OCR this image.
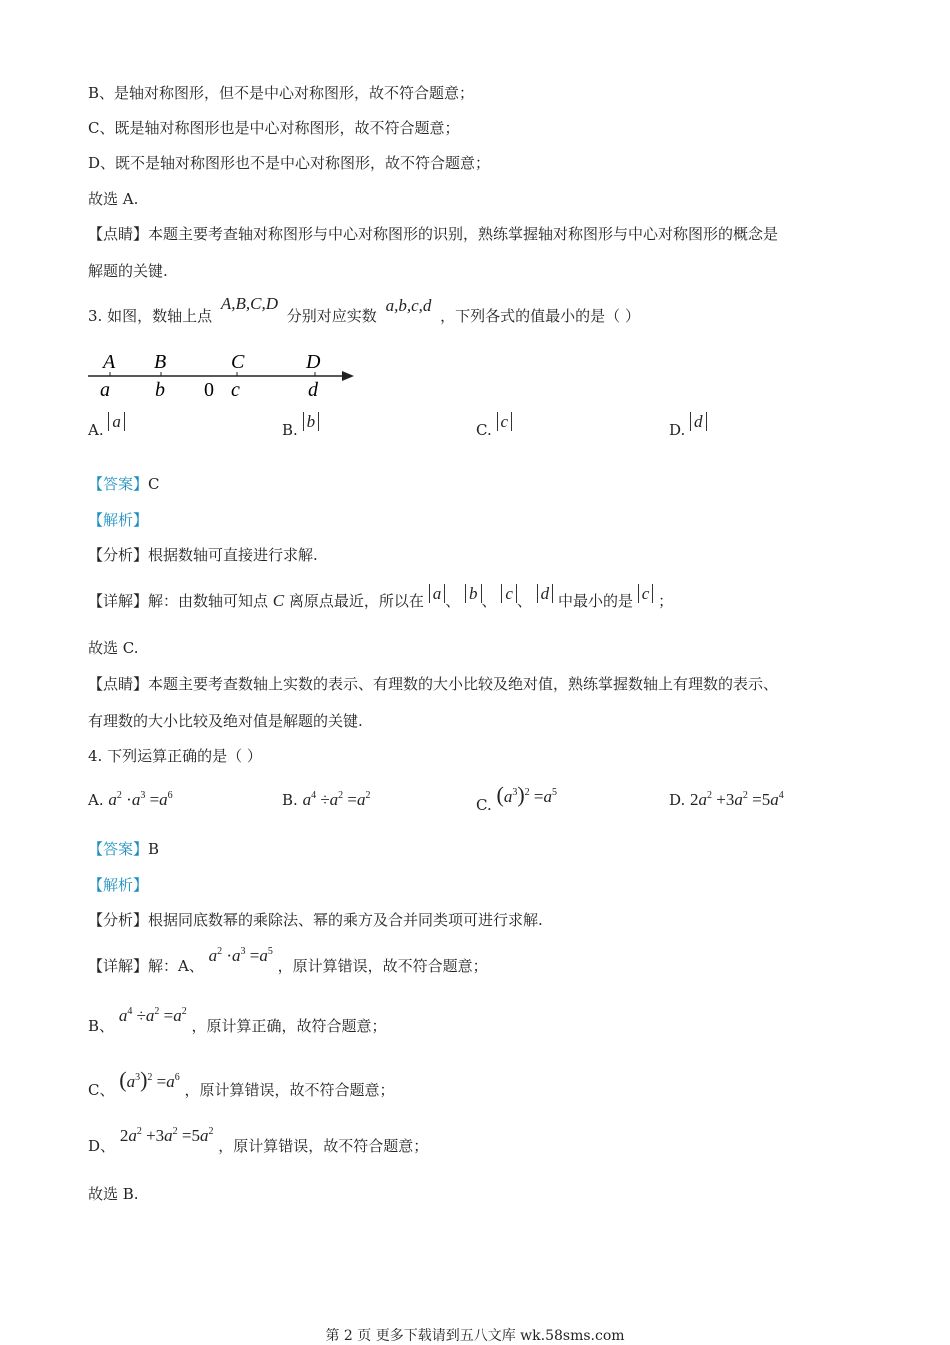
B、是轴对称图形，但不是中心对称图形，故不符合题意；
C、既是轴对称图形也是中心对称图形，故不符合题意；
D、既不是轴对称图形也不是中心对称图形，故不符合题意；
故选 A.
【点睛】本题主要考查轴对称图形与中心对称图形的识别，熟练掌握轴对称图形与中心对称图形的概念是
解题的关键.
3. 如图，数轴上点 A,B,C,D 分别对应实数 a,b,c,d ，下列各式的值最小的是（ ）
A B	C	D
a b 0 c	d
A. a	B. b	C. c	D. d
【答案】C
【解析】
【分析】根据数轴可直接进行求解.
【详解】解：由数轴可知点 C 离原点最近，所以在 a 、 b 、 c 、 d 中最小的是 c ；
故选 C.
【点睛】本题主要考查数轴上实数的表示、有理数的大小比较及绝对值，熟练掌握数轴上有理数的表示、
有理数的大小比较及绝对值是解题的关键.
4. 下列运算正确的是（ ）
A. $a^2 \cdot a^3 =a^6$	B. $a^4 \div a^2 =a^2$
C. $(a^3)^2 =a^5$	D. $2a^2 +3a^2 =5a^4$
【答案】B
【解析】
【分析】根据同底数幂的乘除法、幂的乘方及合并同类项可进行求解.
【详解】解：A、 $a^2 \cdot a^3 =a^5$ ，原计算错误，故不符合题意；
B、 $a^4 \div a^2 =a^2$ ，原计算正确，故符合题意；
C、 $(a^3)^2 =a^6$ ，原计算错误，故不符合题意；
D、 $2a^2 +3a^2 =5a^2$ ，原计算错误，故不符合题意；
故选 B.
第 2 页 更多下载请到五八文库 wk.58sms.com
